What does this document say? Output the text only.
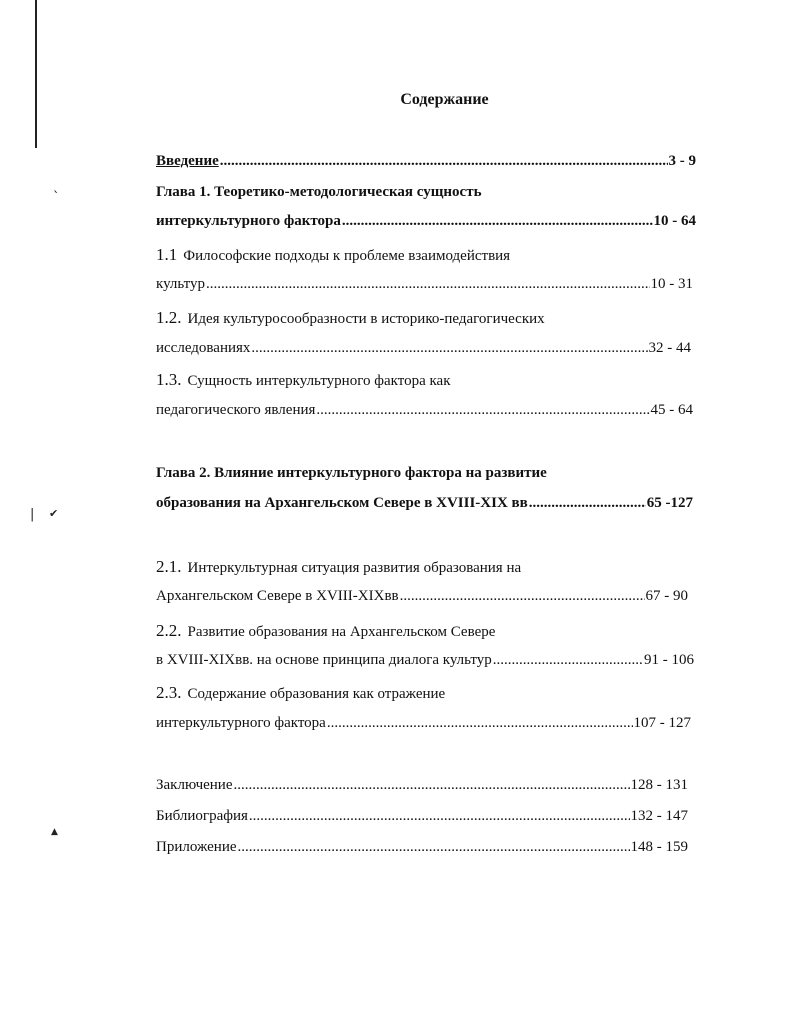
ˎ
| ✔
▲
Содержание
Введение .....	3 - 9
Глава 1. Теоретико-методологическая сущность
интеркультурного фактора .....	10 - 64
1.1 Философские подходы к проблеме взаимодействия
культур .....	10 - 31
1.2. Идея культуросообразности в историко-педагогических
исследованиях .....	32 - 44
1.3. Сущность интеркультурного фактора как
педагогического явления .....	45 - 64
Глава 2. Влияние интеркультурного фактора на развитие
образования на Архангельском Севере в XVIII-XIX вв .....	65 -127
2.1. Интеркультурная ситуация развития образования на
Архангельском Севере в XVIII-XIXвв .....	67 - 90
2.2. Развитие образования на Архангельском Севере
в XVIII-XIXвв. на основе принципа диалога культур .....	91 - 106
2.3. Содержание образования как отражение
интеркультурного фактора .....	107 - 127
Заключение .....	128 - 131
Библиография .....	132 - 147
Приложение .....	148 - 159
